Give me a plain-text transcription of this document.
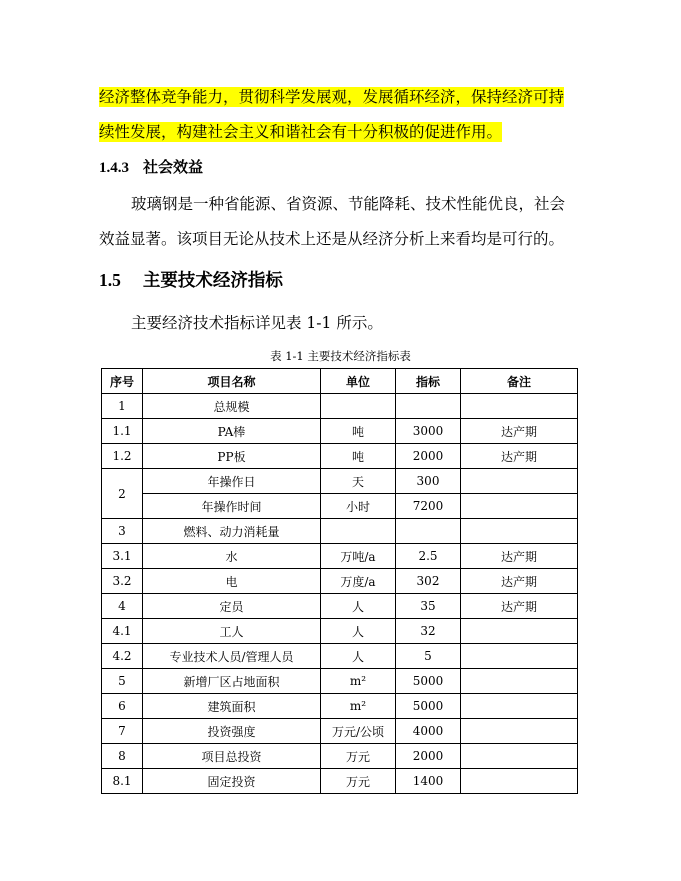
经济整体竞争能力，贯彻科学发展观，发展循环经济，保持经济可持
续性发展，构建社会主义和谐社会有十分积极的促进作用。
1.4.3 社会效益
玻璃钢是一种省能源、省资源、节能降耗、技术性能优良，社会
效益显著。该项目无论从技术上还是从经济分析上来看均是可行的。
1.5 主要技术经济指标
主要经济技术指标详见表 1-1 所示。
表 1-1 主要技术经济指标表
序号	项目名称	单位	指标	备注
1	总规模			
1.1	PA棒	吨	3000	达产期
1.2	PP板	吨	2000	达产期
2	年操作日	天	300	
	年操作时间	小时	7200	
3	燃料、动力消耗量			
3.1	水	万吨/a	2.5	达产期
3.2	电	万度/a	302	达产期
4	定员	人	35	达产期
4.1	工人	人	32	
4.2	专业技术人员/管理人员	人	5	
5	新增厂区占地面积	m²	5000	
6	建筑面积	m²	5000	
7	投资强度	万元/公顷	4000	
8	项目总投资	万元	2000	
8.1	固定投资	万元	1400	
